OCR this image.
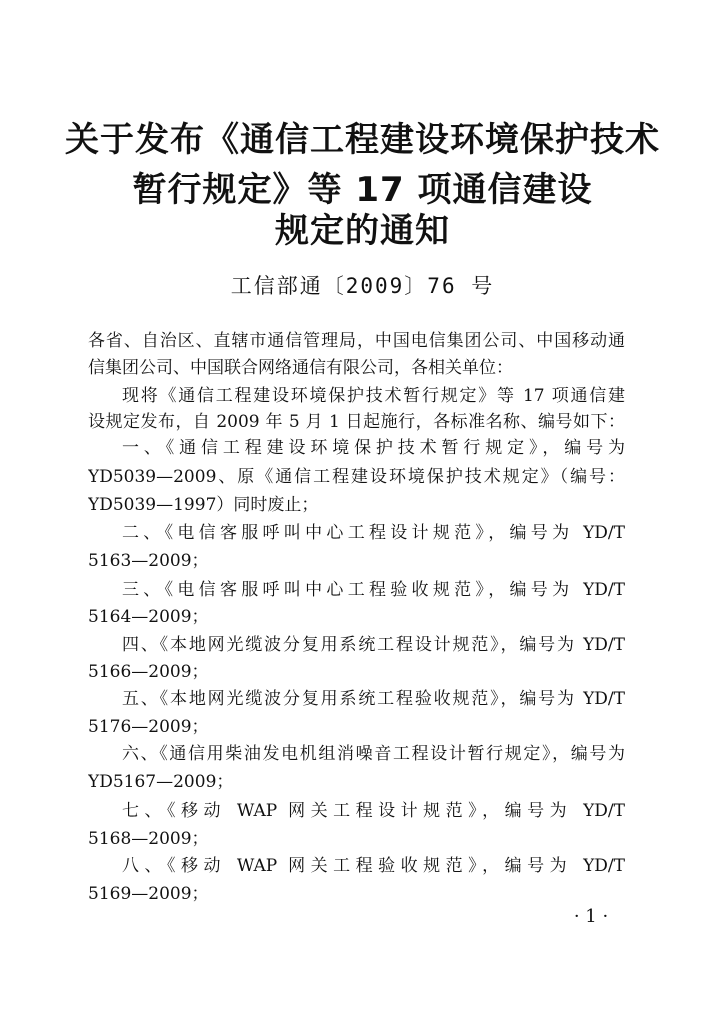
关于发布《通信工程建设环境保护技术
暂行规定》等 17 项通信建设
规定的通知
工信部通〔2009〕76 号
各省、自治区、直辖市通信管理局，中国电信集团公司、中国移动通
信集团公司、中国联合网络通信有限公司，各相关单位：
现将《通信工程建设环境保护技术暂行规定》等 17 项通信建
设规定发布，自 2009 年 5 月 1 日起施行，各标准名称、编号如下：
一、《通信工程建设环境保护技术暂行规定》，编号为
YD5039—2009、原《通信工程建设环境保护技术规定》（编号：
YD5039—1997）同时废止；
二、《电信客服呼叫中心工程设计规范》，编号为 YD/T
5163—2009；
三、《电信客服呼叫中心工程验收规范》，编号为 YD/T
5164—2009；
四、《本地网光缆波分复用系统工程设计规范》，编号为 YD/T
5166—2009；
五、《本地网光缆波分复用系统工程验收规范》，编号为 YD/T
5176—2009；
六、《通信用柴油发电机组消噪音工程设计暂行规定》，编号为
YD5167—2009；
七、《移动 WAP 网关工程设计规范》，编号为 YD/T
5168—2009；
八、《移动 WAP 网关工程验收规范》，编号为 YD/T
5169—2009；
· 1 ·
